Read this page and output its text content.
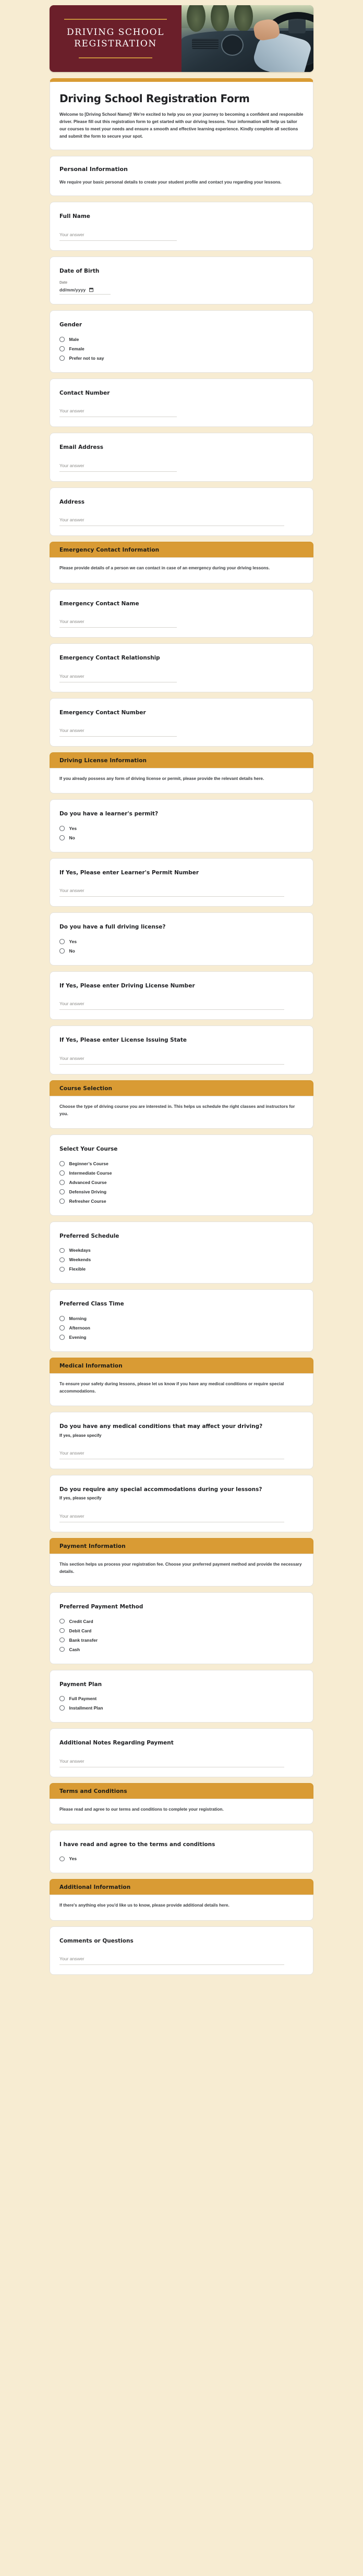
DRIVING SCHOOL
REGISTRATION
Driving School Registration Form
Welcome to [Driving School Name]! We're excited to help you on your journey to becoming a confident and responsible driver. Please fill out this registration form to get started with our driving lessons. Your information will help us tailor our courses to meet your needs and ensure a smooth and effective learning experience. Kindly complete all sections and submit the form to secure your spot.
Personal Information
We require your basic personal details to create your student profile and contact you regarding your lessons.
Full Name
Your answer
Date of Birth
Date
dd/mm/yyyy
Gender
Male
Female
Prefer not to say
Contact Number
Your answer
Email Address
Your answer
Address
Your answer
Emergency Contact Information
Please provide details of a person we can contact in case of an emergency during your driving lessons.
Emergency Contact Name
Your answer
Emergency Contact Relationship
Your answer
Emergency Contact Number
Your answer
Driving License Information
If you already possess any form of driving license or permit, please provide the relevant details here.
Do you have a learner's permit?
Yes
No
If Yes, Please enter Learner's Permit Number
Your answer
Do you have a full driving license?
Yes
No
If Yes, Please enter Driving License Number
Your answer
If Yes, Please enter License Issuing State
Your answer
Course Selection
Choose the type of driving course you are interested in. This helps us schedule the right classes and instructors for you.
Select Your Course
Beginner’s Course
Intermediate Course
Advanced Course
Defensive Driving
Refresher Course
Preferred Schedule
Weekdays
Weekends
Flexible
Preferred Class Time
Morning
Afternoon
Evening
Medical Information
To ensure your safety during lessons, please let us know if you have any medical conditions or require special accommodations.
Do you have any medical conditions that may affect your driving?
If yes, please specify
Your answer
Do you require any special accommodations during your lessons?
If yes, please specify
Your answer
Payment Information
This section helps us process your registration fee. Choose your preferred payment method and provide the necessary details.
Preferred Payment Method
Credit Card
Debit Card
Bank transfer
Cash
Payment Plan
Full Payment
Installment Plan
Additional Notes Regarding Payment
Your answer
Terms and Conditions
Please read and agree to our terms and conditions to complete your registration.
I have read and agree to the terms and conditions
Yes
Additional Information
If there's anything else you'd like us to know, please provide additional details here.
Comments or Questions
Your answer
